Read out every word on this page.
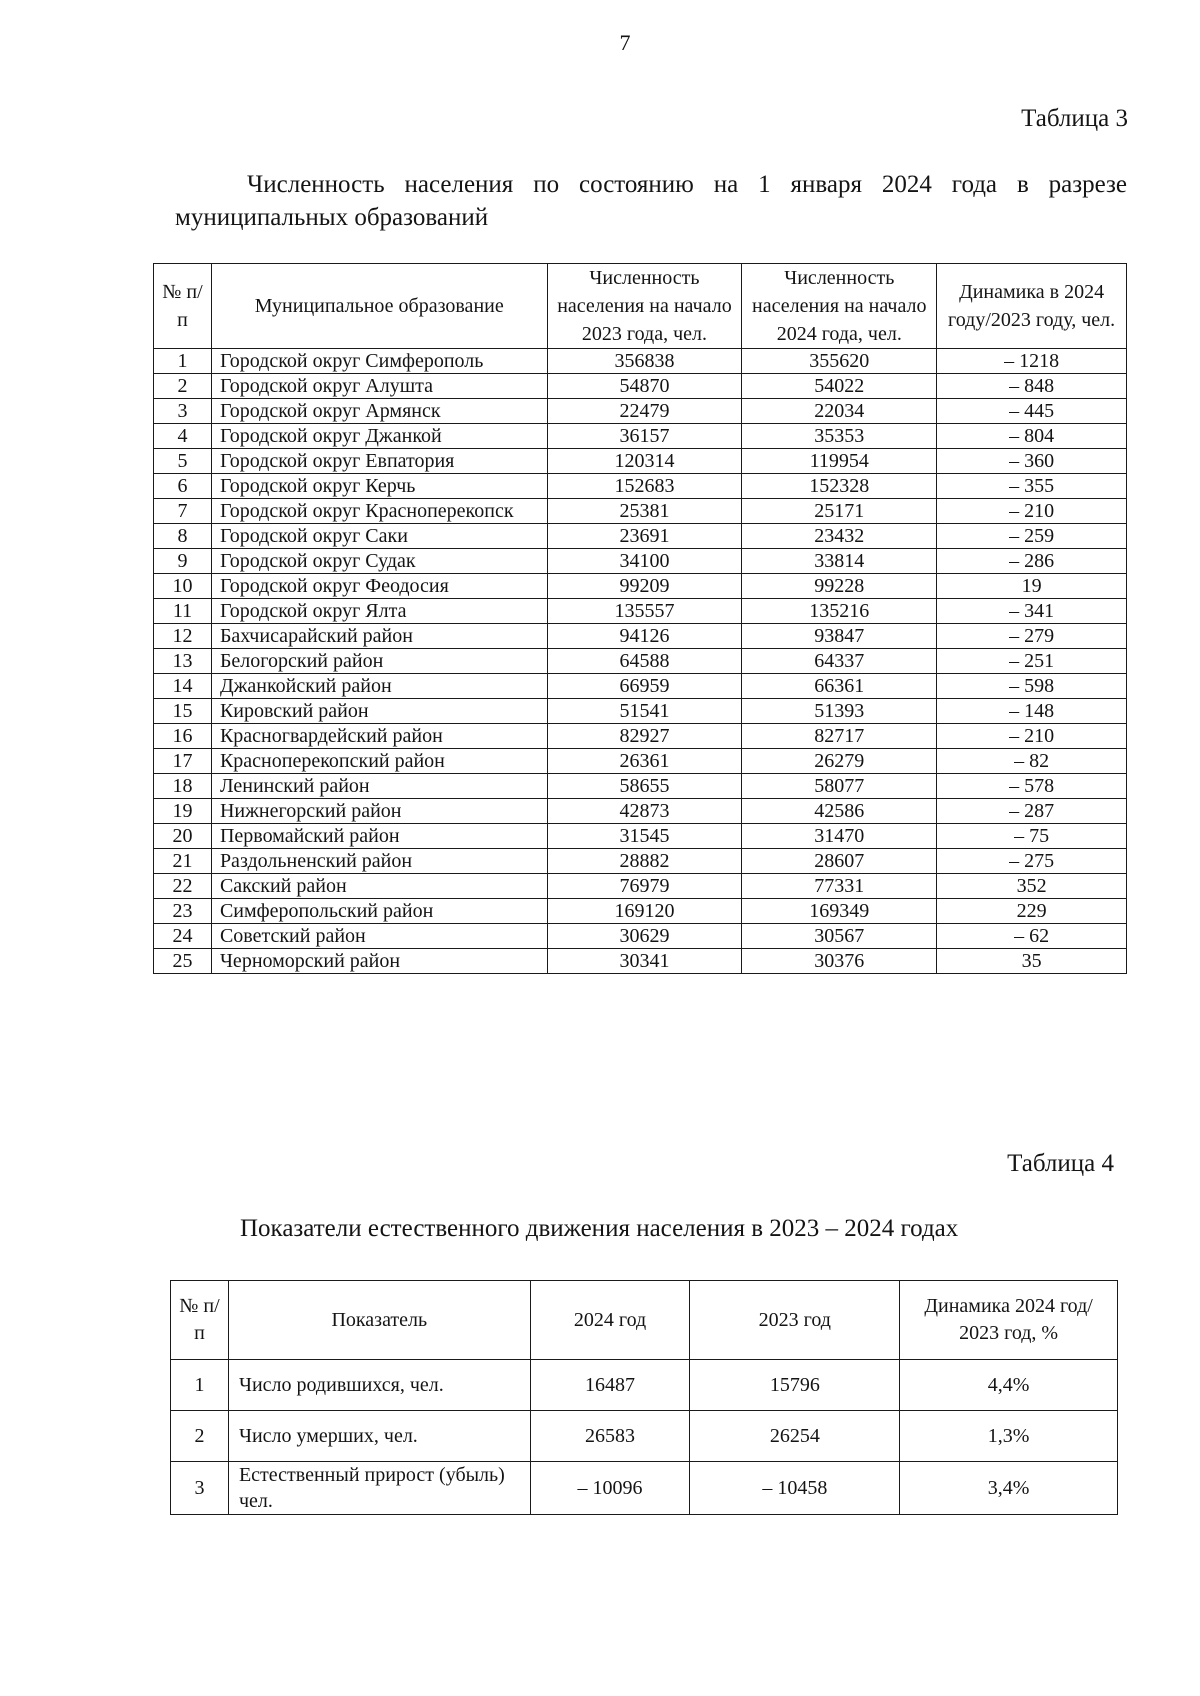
7
Таблица 3
Численность населения по состоянию на 1 января 2024 года в разрезе муниципальных образований
№ п/п	Муниципальное образование	Численность населения на начало 2023 года, чел.	Численность населения на начало 2024 года, чел.	Динамика в 2024 году/2023 году, чел.
1	Городской округ Симферополь	356838	355620	– 1218
2	Городской округ Алушта	54870	54022	– 848
3	Городской округ Армянск	22479	22034	– 445
4	Городской округ Джанкой	36157	35353	– 804
5	Городской округ Евпатория	120314	119954	– 360
6	Городской округ Керчь	152683	152328	– 355
7	Городской округ Красноперекопск	25381	25171	– 210
8	Городской округ Саки	23691	23432	– 259
9	Городской округ Судак	34100	33814	– 286
10	Городской округ Феодосия	99209	99228	19
11	Городской округ Ялта	135557	135216	– 341
12	Бахчисарайский район	94126	93847	– 279
13	Белогорский район	64588	64337	– 251
14	Джанкойский район	66959	66361	– 598
15	Кировский район	51541	51393	– 148
16	Красногвардейский район	82927	82717	– 210
17	Красноперекопский район	26361	26279	– 82
18	Ленинский район	58655	58077	– 578
19	Нижнегорский район	42873	42586	– 287
20	Первомайский район	31545	31470	– 75
21	Раздольненский район	28882	28607	– 275
22	Сакский район	76979	77331	352
23	Симферопольский район	169120	169349	229
24	Советский район	30629	30567	– 62
25	Черноморский район	30341	30376	35
Таблица 4
Показатели естественного движения населения в 2023 – 2024 годах
№ п/п	Показатель	2024 год	2023 год	Динамика 2024 год/ 2023 год, %
1	Число родившихся, чел.	16487	15796	4,4%
2	Число умерших, чел.	26583	26254	1,3%
3	Естественный прирост (убыль) чел.	– 10096	– 10458	3,4%
